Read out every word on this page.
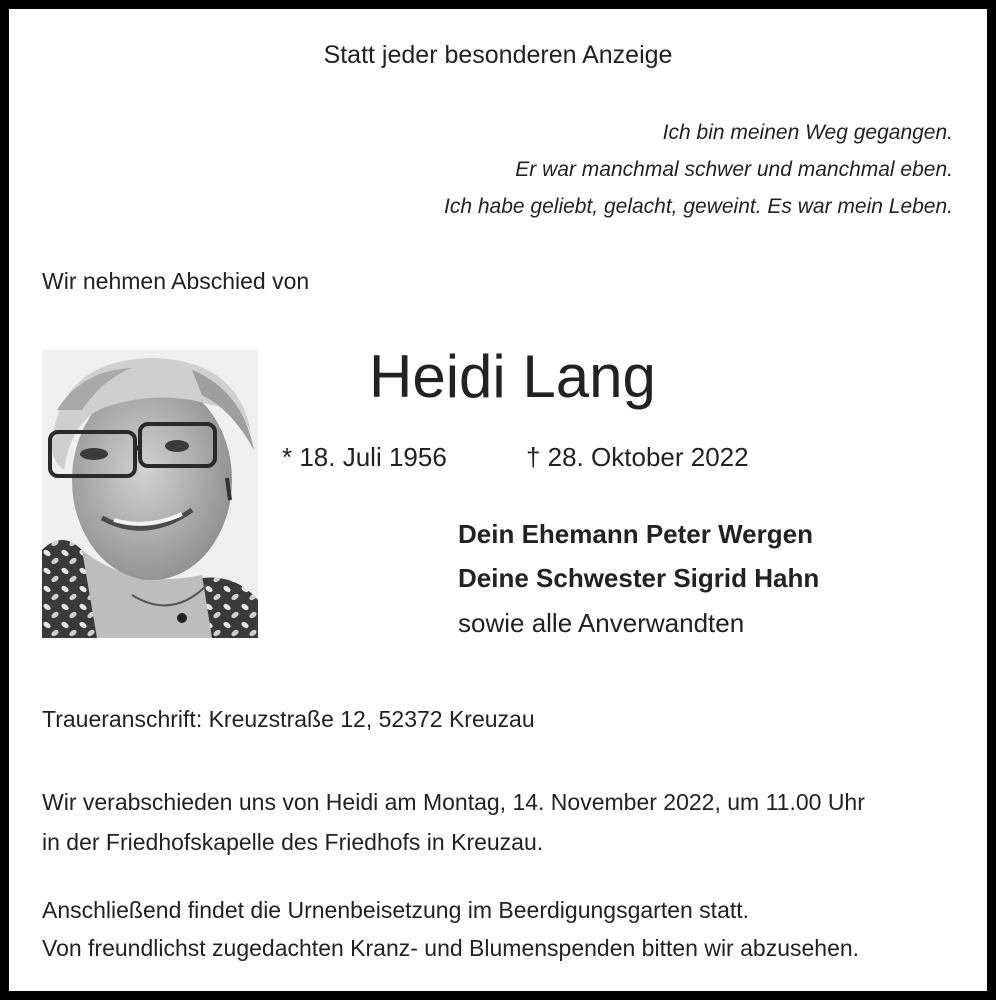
Statt jeder besonderen Anzeige
Ich bin meinen Weg gegangen.
Er war manchmal schwer und manchmal eben.
Ich habe geliebt, gelacht, geweint. Es war mein Leben.
Wir nehmen Abschied von
Heidi Lang
* 18. Juli 1956	† 28. Oktober 2022
Dein Ehemann Peter Wergen
Deine Schwester Sigrid Hahn
sowie alle Anverwandten
Traueranschrift: Kreuzstraße 12, 52372 Kreuzau
Wir verabschieden uns von Heidi am Montag, 14. November 2022, um 11.00 Uhr
in der Friedhofskapelle des Friedhofs in Kreuzau.
Anschließend findet die Urnenbeisetzung im Beerdigungsgarten statt.
Von freundlichst zugedachten Kranz- und Blumenspenden bitten wir abzusehen.
